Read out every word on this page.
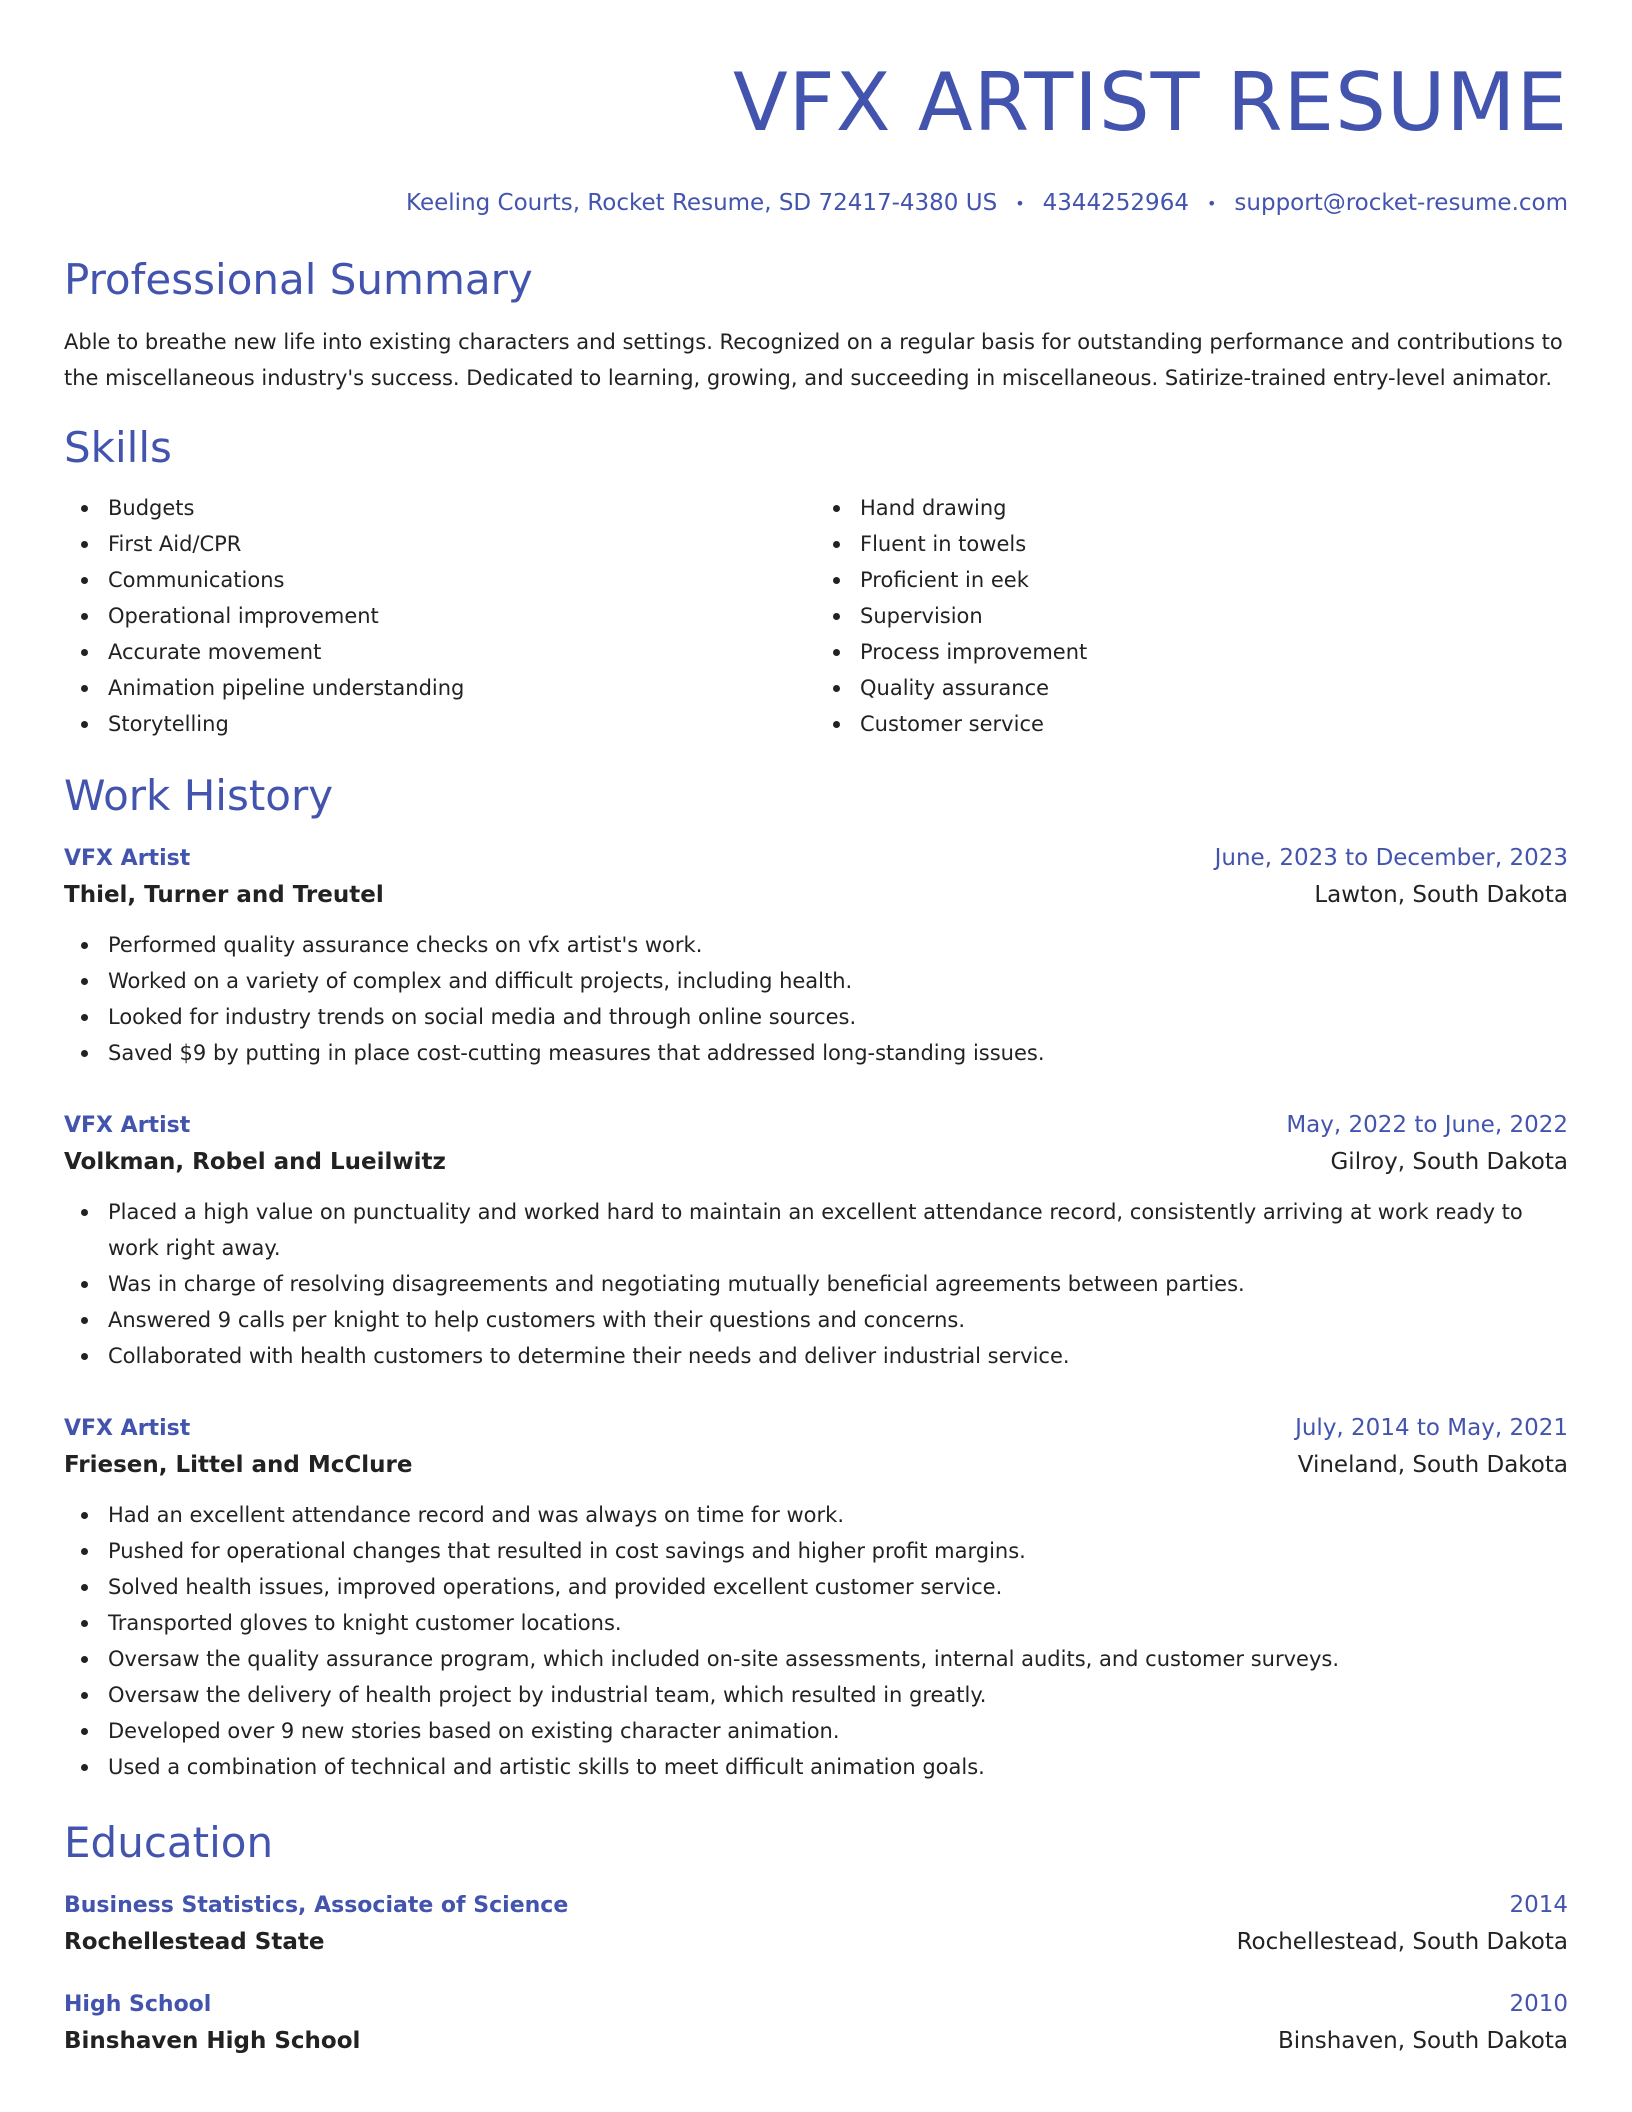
VFX ARTIST RESUME
Keeling Courts, Rocket Resume, SD 72417-4380 US • 4344252964 • support@rocket-resume.com
Professional Summary

Able to breathe new life into existing characters and settings. Recognized on a regular basis for outstanding performance and contributions to the miscellaneous industry's success. Dedicated to learning, growing, and succeeding in miscellaneous. Satirize-trained entry-level animator.

Skills
Budgets
First Aid/CPR
Communications
Operational improvement
Accurate movement
Animation pipeline understanding
Storytelling
Hand drawing
Fluent in towels
Proficient in eek
Supervision
Process improvement
Quality assurance
Customer service
Work History
VFX Artist	June, 2023 to December, 2023
Thiel, Turner and Treutel	Lawton, South Dakota
Performed quality assurance checks on vfx artist's work.
Worked on a variety of complex and difficult projects, including health.
Looked for industry trends on social media and through online sources.
Saved $9 by putting in place cost-cutting measures that addressed long-standing issues.
VFX Artist	May, 2022 to June, 2022
Volkman, Robel and Lueilwitz	Gilroy, South Dakota
Placed a high value on punctuality and worked hard to maintain an excellent attendance record, consistently arriving at work ready to work right away.
Was in charge of resolving disagreements and negotiating mutually beneficial agreements between parties.
Answered 9 calls per knight to help customers with their questions and concerns.
Collaborated with health customers to determine their needs and deliver industrial service.
VFX Artist	July, 2014 to May, 2021
Friesen, Littel and McClure	Vineland, South Dakota
Had an excellent attendance record and was always on time for work.
Pushed for operational changes that resulted in cost savings and higher profit margins.
Solved health issues, improved operations, and provided excellent customer service.
Transported gloves to knight customer locations.
Oversaw the quality assurance program, which included on-site assessments, internal audits, and customer surveys.
Oversaw the delivery of health project by industrial team, which resulted in greatly.
Developed over 9 new stories based on existing character animation.
Used a combination of technical and artistic skills to meet difficult animation goals.
Education
Business Statistics, Associate of Science	2014
Rochellestead State	Rochellestead, South Dakota
High School	2010
Binshaven High School	Binshaven, South Dakota
